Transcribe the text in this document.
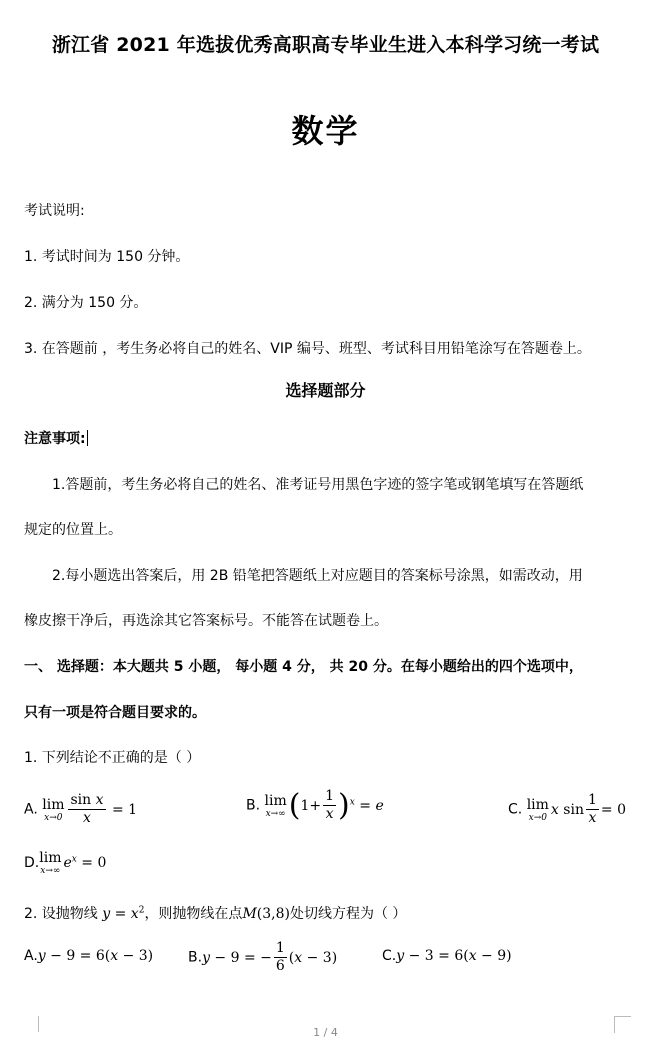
浙江省 2021 年选拔优秀高职高专毕业生进入本科学习统一考试
数学
考试说明:
1. 考试时间为 150 分钟。
2. 满分为 150 分。
3. 在答题前 ，考生务必将自己的姓名、VIP 编号、班型、考试科目用铅笔涂写在答题卷上。
选择题部分
注意事项:
1.答题前，考生务必将自己的姓名、准考证号用黑色字迹的签字笔或钢笔填写在答题纸
规定的位置上。
2.每小题选出答案后，用 2B 铅笔把答题纸上对应题目的答案标号涂黑，如需改动，用
橡皮擦干净后，再选涂其它答案标号。不能答在试题卷上。
一、 选择题：本大题共 5 小题， 每小题 4 分， 共 20 分。在每小题给出的四个选项中，
只有一项是符合题目要求的。
1. 下列结论不正确的是（ ）
A. lim
$x\to 0 \frac{\text{sin x}}{x} = 1$	B. lim
x→∞ $(1+ \frac{1}{x} )^x = e$	C. lim
x→0 x $\sin \frac{1}{x} = 0$
D. lim
x→∞ $e^x = 0$
2. 设抛物线 $y = x^2$，则抛物线在点M(3,8)处切线方程为（ ）
A.y − 9 = 6(x − 3) B.y − 9 = − $\frac{1}{6} (x - 3)$	C.y − 3 = 6(x − 9)
1 / 4
